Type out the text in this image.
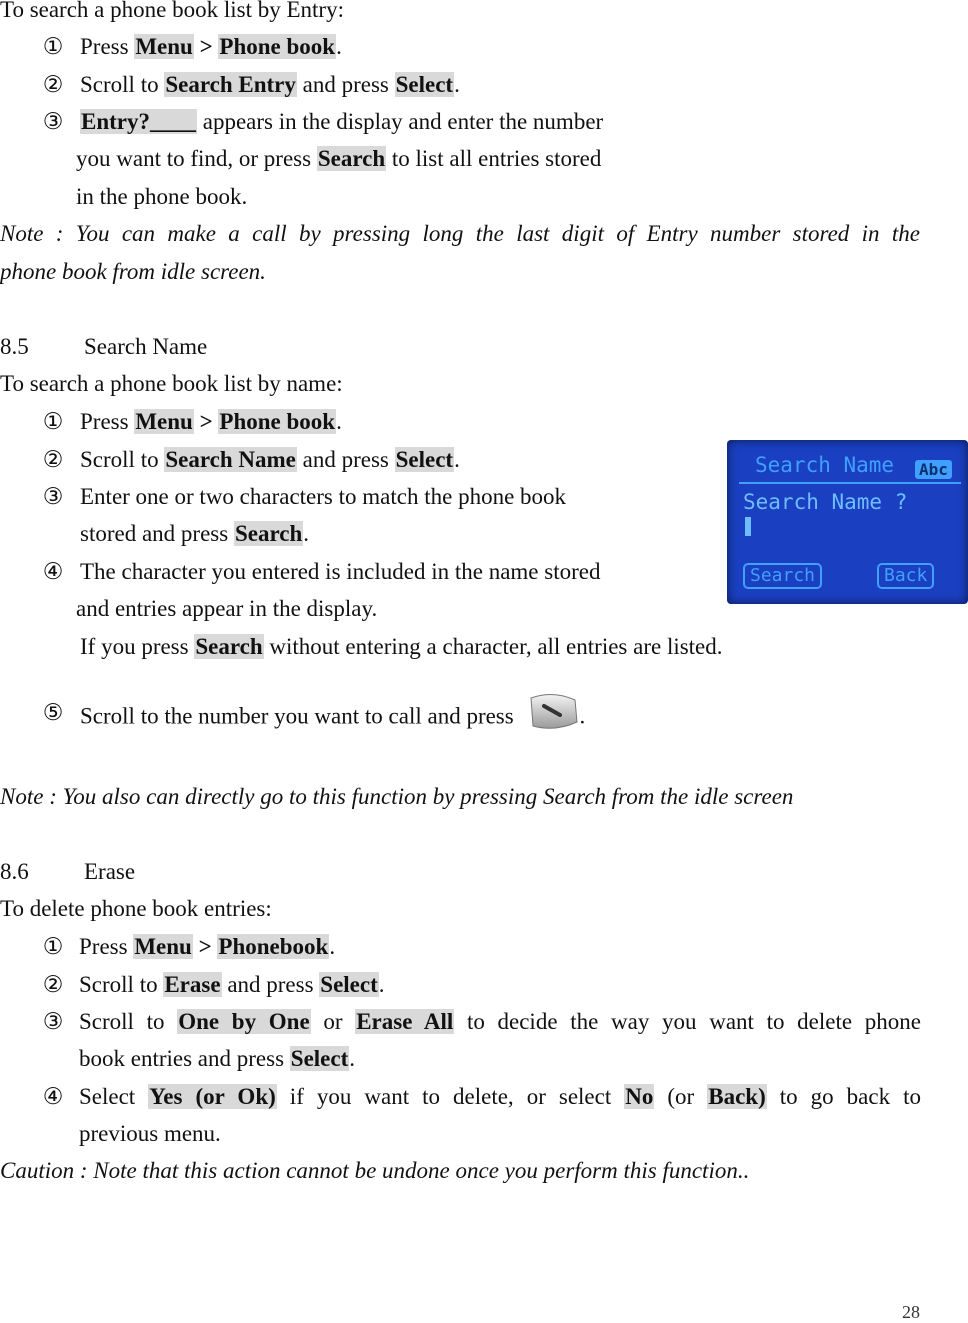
To search a phone book list by Entry:
① Press Menu > Phone book.
② Scroll to Search Entry and press Select.
③ Entry?____ appears in the display and enter the number
you want to find, or press Search to list all entries stored
in the phone book.
Note : You can make a call by pressing long the last digit of Entry number stored in the
phone book from idle screen.
8.5 Search Name
To search a phone book list by name:
① Press Menu > Phone book.
② Scroll to Search Name and press Select.
③ Enter one or two characters to match the phone book
stored and press Search.
④ The character you entered is included in the name stored
and entries appear in the display.
If you press Search without entering a character, all entries are listed.
⑤ Scroll to the number you want to call and press	.
Search Name Abc
Search Name ?
Search	Back
Note : You also can directly go to this function by pressing Search from the idle screen
8.6 Erase
To delete phone book entries:
① Press Menu > Phonebook.
② Scroll to Erase and press Select.
③ Scroll to One by One or Erase All to decide the way you want to delete phone
book entries and press Select.
④ Select Yes (or Ok) if you want to delete, or select No (or Back) to go back to
previous menu.
Caution : Note that this action cannot be undone once you perform this function..
28
